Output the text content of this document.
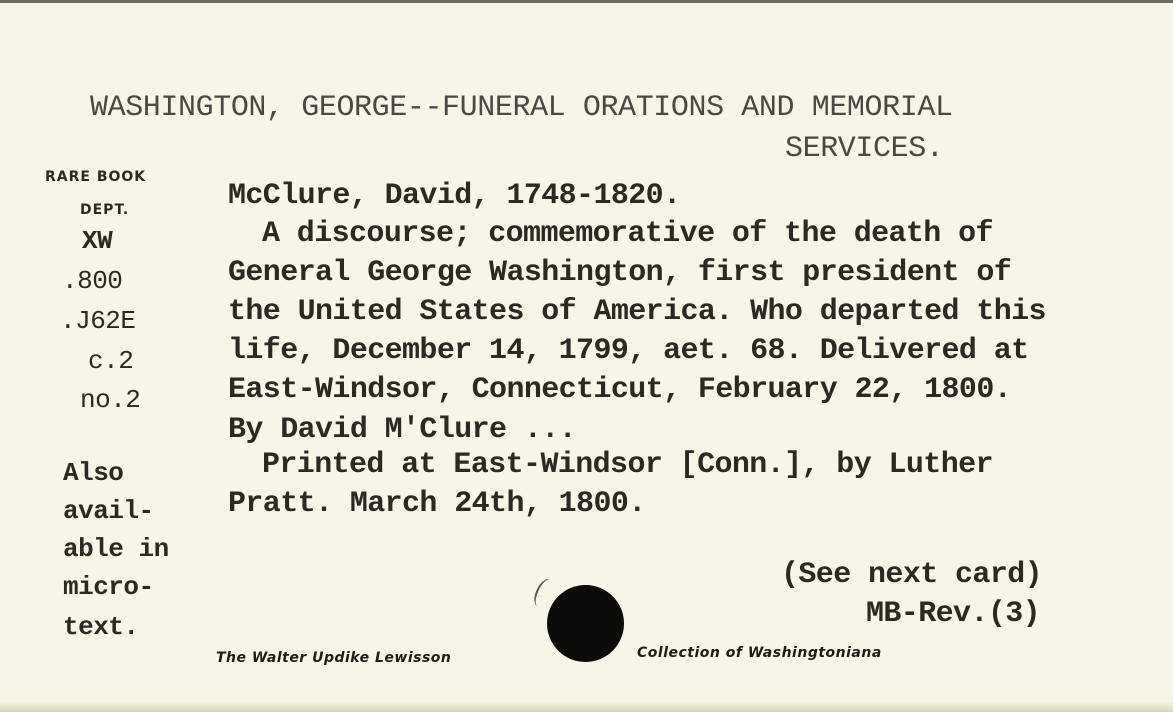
WASHINGTON, GEORGE--FUNERAL ORATIONS AND MEMORIAL
SERVICES.
RARE BOOK
DEPT.
XW
.800
.J62E
c.2
no.2
Also
avail-
able in
micro-
text.
McClure, David, 1748-1820.
A discourse; commemorative of the death of
General George Washington, first president of
the United States of America. Who departed this
life, December 14, 1799, aet. 68. Delivered at
East-Windsor, Connecticut, February 22, 1800.
By David M'Clure ...
Printed at East-Windsor [Conn.], by Luther
Pratt. March 24th, 1800.
(See next card)
MB-Rev.(3)
The Walter Updike Lewisson	Collection of Washingtoniana
